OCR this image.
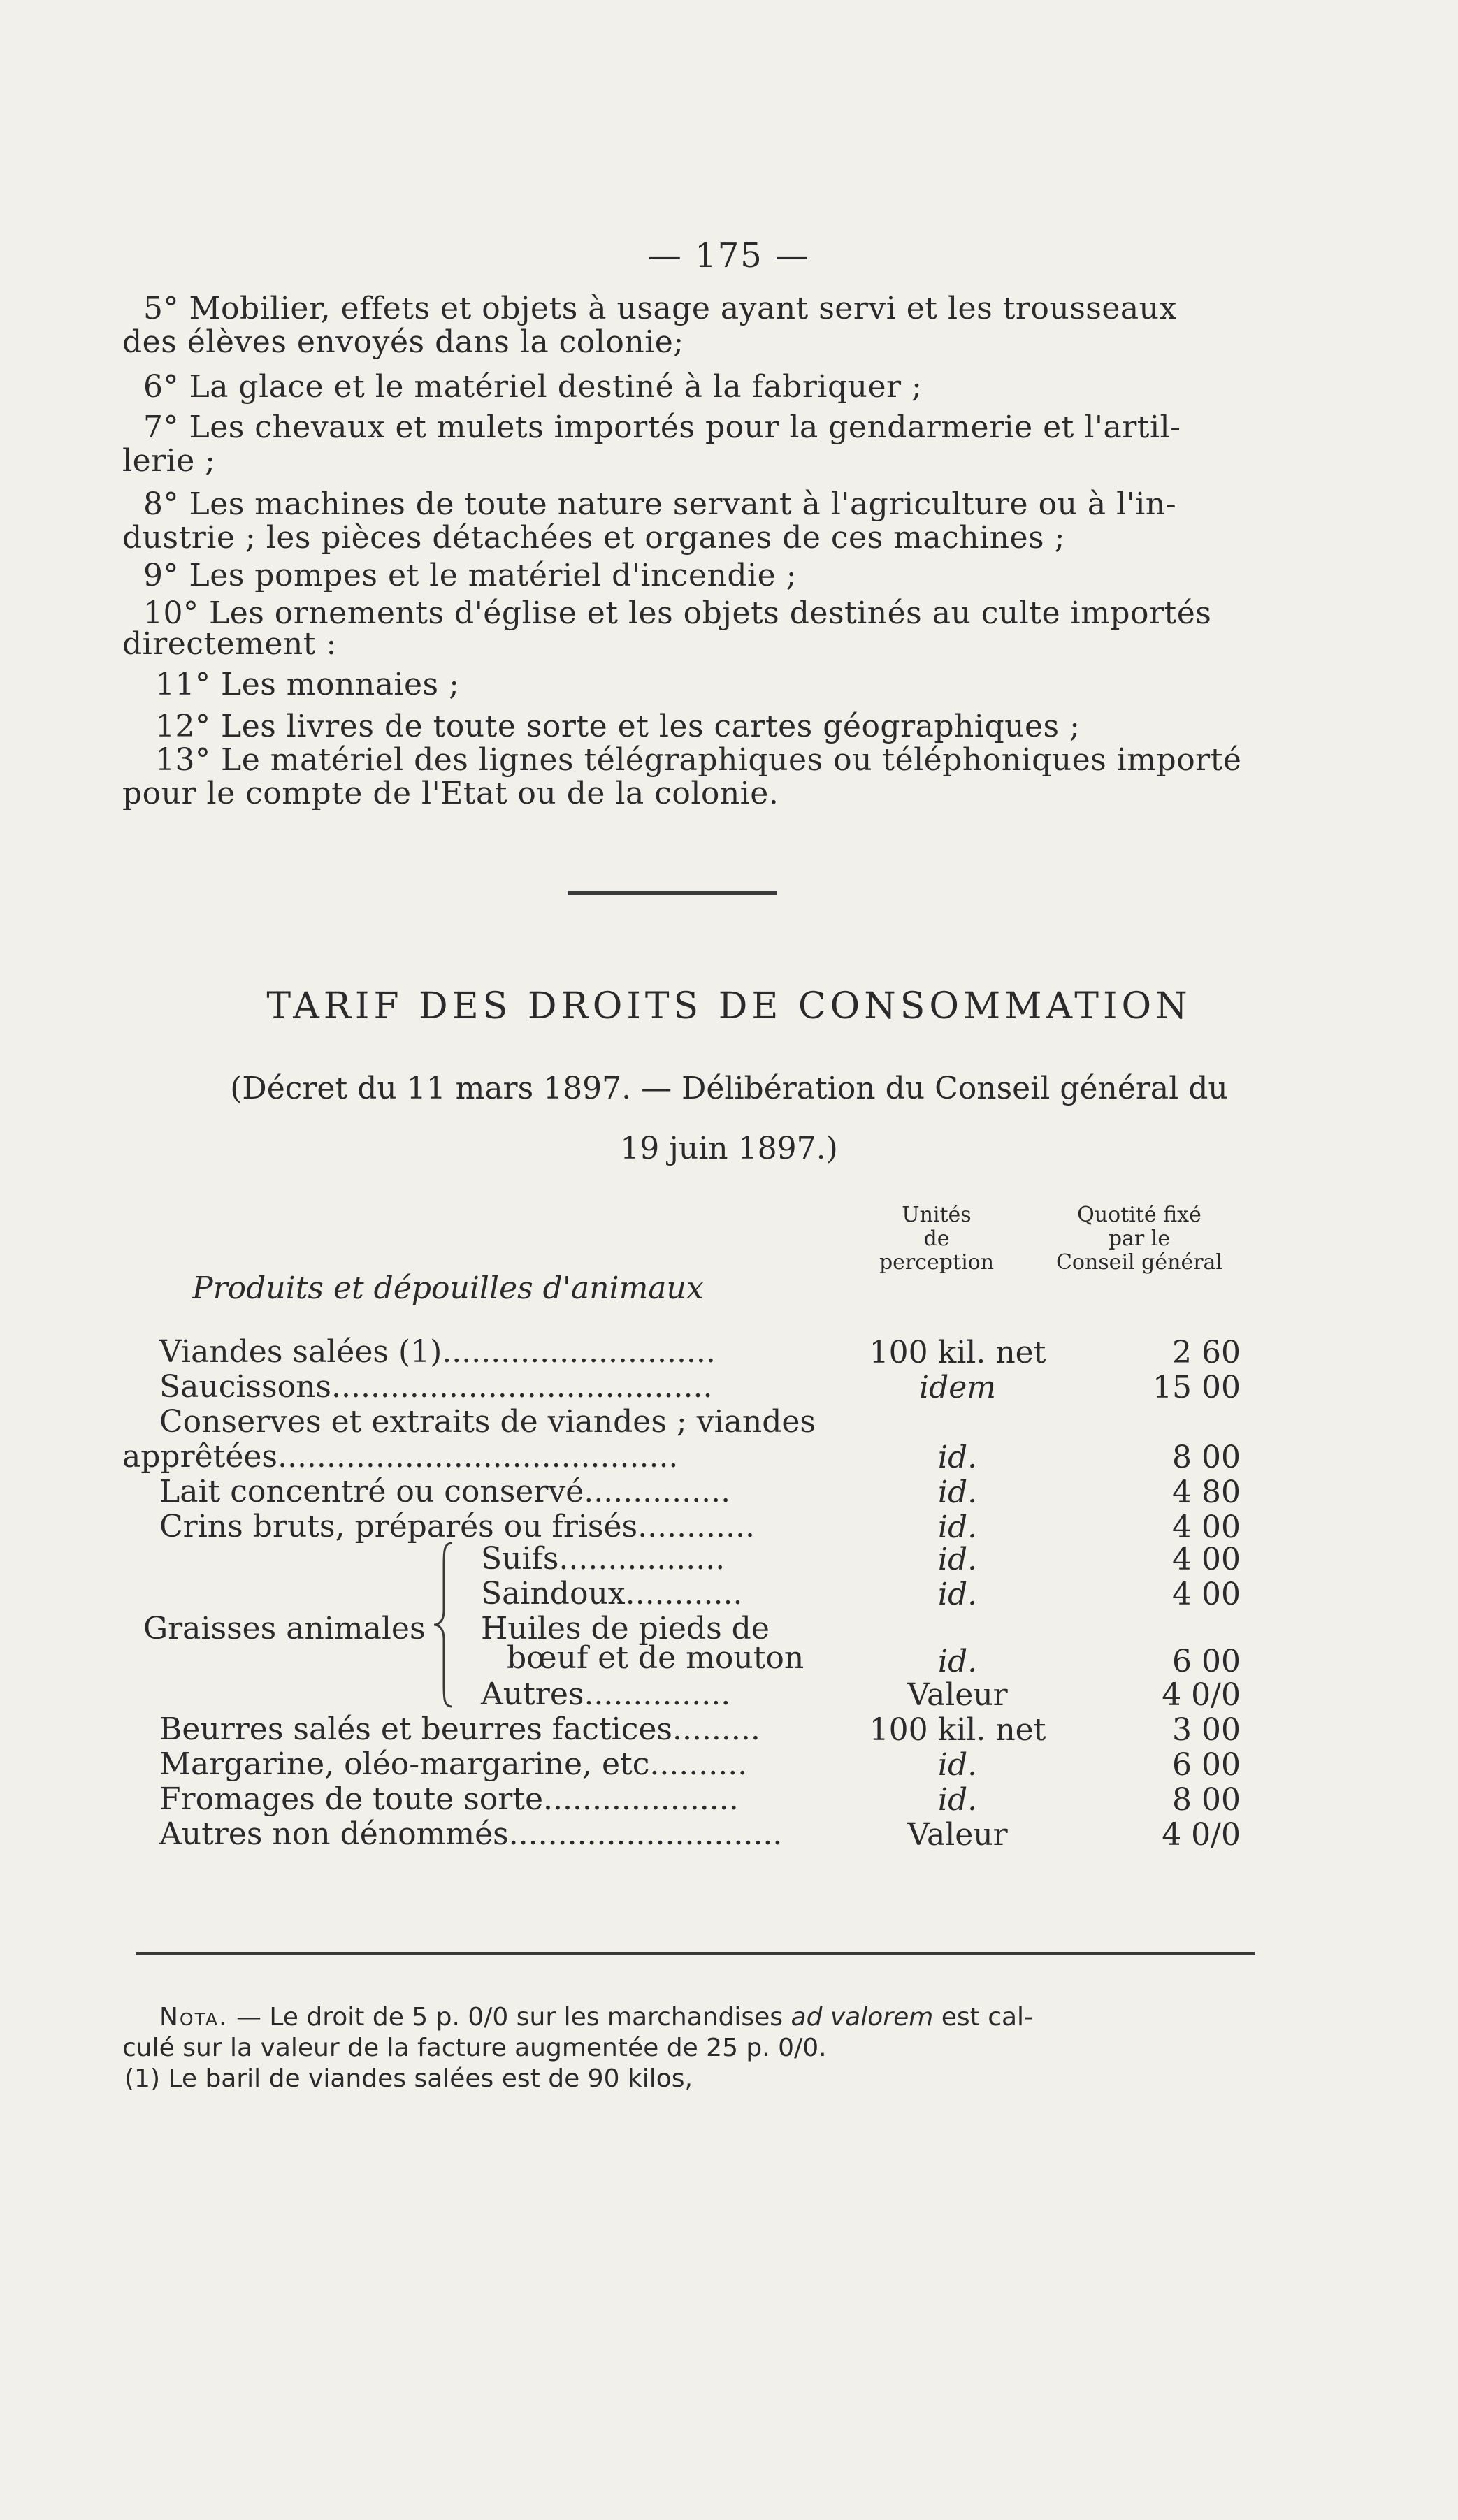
— 175 —
5° Mobilier, effets et objets à usage ayant servi et les trousseaux
des élèves envoyés dans la colonie;
6° La glace et le matériel destiné à la fabriquer ;
7° Les chevaux et mulets importés pour la gendarmerie et l'artil-
lerie ;
8° Les machines de toute nature servant à l'agriculture ou à l'in-
dustrie ; les pièces détachées et organes de ces machines ;
9° Les pompes et le matériel d'incendie ;
10° Les ornements d'église et les objets destinés au culte importés
directement :
11° Les monnaies ;
12° Les livres de toute sorte et les cartes géographiques ;
13° Le matériel des lignes télégraphiques ou téléphoniques importé
pour le compte de l'Etat ou de la colonie.
TARIF DES DROITS DE CONSOMMATION
(Décret du 11 mars 1897. — Délibération du Conseil général du
19 juin 1897.)
Unités
de
perception
Quotité fixé
par le
Conseil général
Produits et dépouilles d'animaux
Viandes salées (1)............................	100 kil. net	2 60
Saucissons.......................................	idem	15 00
Conserves et extraits de viandes ; viandes
apprêtées.........................................	id.	8 00
Lait concentré ou conservé...............	id.	4 80
Crins bruts, préparés ou frisés............	id.	4 00
Graisses animales
Suifs.................	id.	4 00
Saindoux............	id.	4 00
Huiles de pieds de
bœuf et de mouton	id.	6 00
Autres...............	Valeur	4 0/0
Beurres salés et beurres factices.........	100 kil. net	3 00
Margarine, oléo-margarine, etc..........	id.	6 00
Fromages de toute sorte....................	id.	8 00
Autres non dénommés............................	Valeur	4 0/0
Nota. — Le droit de 5 p. 0/0 sur les marchandises ad valorem est cal-
culé sur la valeur de la facture augmentée de 25 p. 0/0.
(1) Le baril de viandes salées est de 90 kilos,
